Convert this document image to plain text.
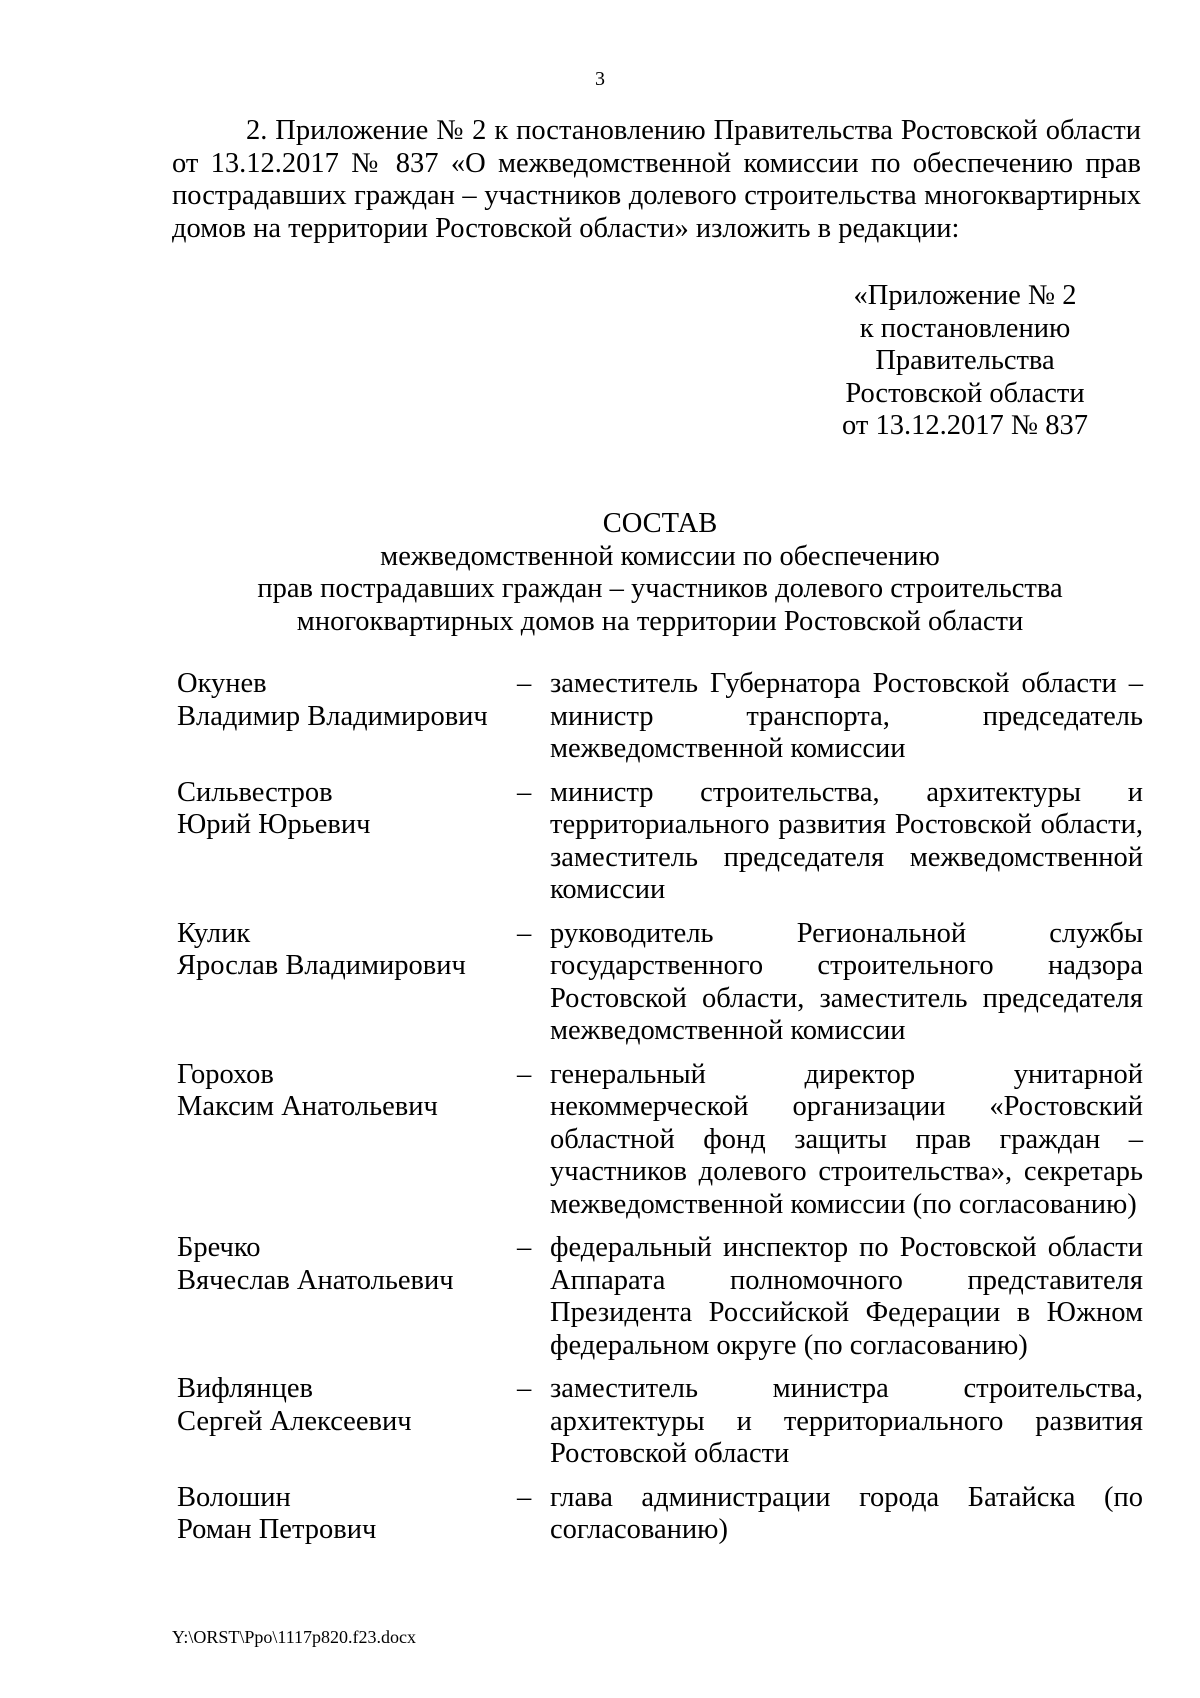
3

2. Приложение № 2 к постановлению Правительства Ростовской области от 13.12.2017 № 837 «О межведомственной комиссии по обеспечению прав пострадавших граждан – участников долевого строительства многоквартирных домов на территории Ростовской области» изложить в редакции:

«Приложение № 2
к постановлению
Правительства
Ростовской области
от 13.12.2017 № 837
СОСТАВ
межведомственной комиссии по обеспечению
прав пострадавших граждан – участников долевого строительства
многоквартирных домов на территории Ростовской области
Окунев
Владимир Владимирович
– заместитель Губернатора Ростовской области – министр транспорта, председатель межведомственной комиссии
Сильвестров
Юрий Юрьевич
– министр строительства, архитектуры и территориального развития Ростовской области, заместитель председателя межведомственной комиссии
Кулик
Ярослав Владимирович
– руководитель Региональной службы государственного строительного надзора Ростовской области, заместитель председателя межведомственной комиссии
Горохов
Максим Анатольевич
– генеральный директор унитарной некоммерческой организации «Ростовский областной фонд защиты прав граждан – участников долевого строительства», секретарь межведомственной комиссии (по согласованию)
Бречко
Вячеслав Анатольевич
– федеральный инспектор по Ростовской области Аппарата полномочного представителя Президента Российской Федерации в Южном федеральном округе (по согласованию)
Вифлянцев
Сергей Алексеевич
– заместитель министра строительства, архитектуры и территориального развития Ростовской области
Волошин
Роман Петрович
– глава администрации города Батайска (по согласованию)
Y:\ORST\Ppo\1117p820.f23.docx
